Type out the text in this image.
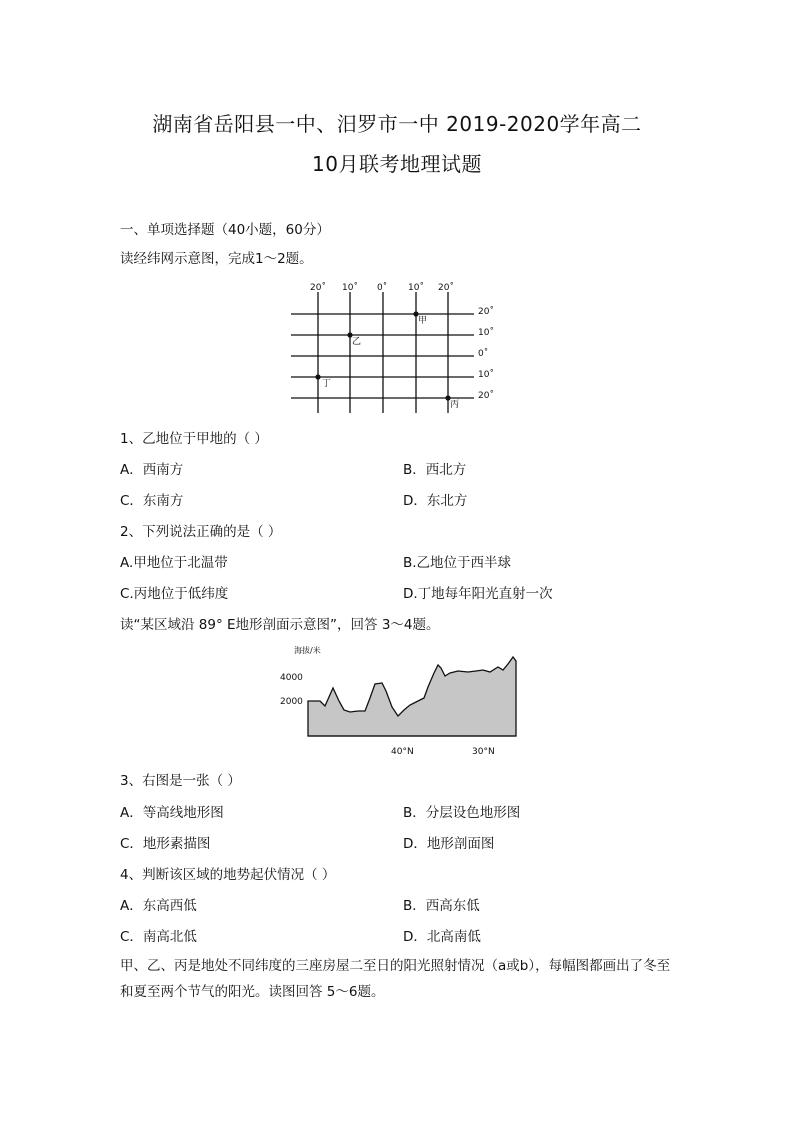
湖南省岳阳县一中、汨罗市一中 2019-2020学年高二
10月联考地理试题
一、单项选择题（40小题，60分）
读经纬网示意图，完成1～2题。
20˚ 10˚ 0˚ 10˚ 20˚
20˚
10˚
0˚
10˚
20˚
甲
乙
丁
丙
1、乙地位于甲地的（ ）
A．西南方	B．西北方
C．东南方	D．东北方
2、下列说法正确的是（ ）
A.甲地位于北温带	B.乙地位于西半球
C.丙地位于低纬度	D.丁地每年阳光直射一次
读“某区域沿 89° E地形剖面示意图”，回答 3～4题。
海拔/米
4000
2000
40°N	30°N
3、右图是一张（ ）
A．等高线地形图	B．分层设色地形图
C．地形素描图	D．地形剖面图
4、判断该区域的地势起伏情况（ ）
A．东高西低	B．西高东低
C．南高北低	D．北高南低
甲、乙、丙是地处不同纬度的三座房屋二至日的阳光照射情况（a或b），每幅图都画出了冬至和夏至两个节气的阳光。读图回答 5～6题。
